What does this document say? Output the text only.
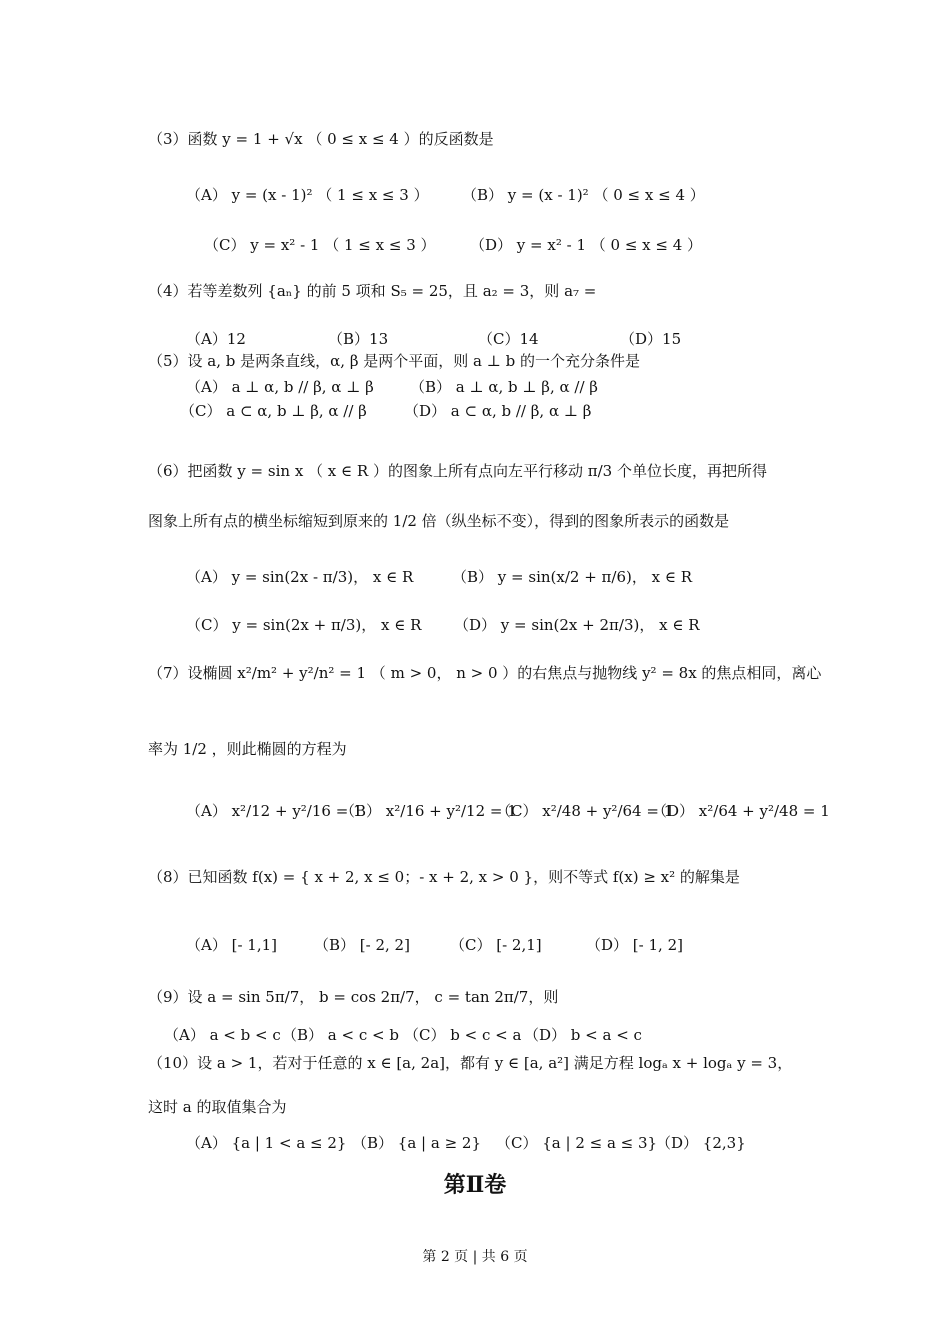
（3）函数 y = 1 + √x （ 0 ≤ x ≤ 4 ）的反函数是
（A） y = (x - 1)² （ 1 ≤ x ≤ 3 ） （B） y = (x - 1)² （ 0 ≤ x ≤ 4 ）
（C） y = x² - 1 （ 1 ≤ x ≤ 3 ） （D） y = x² - 1 （ 0 ≤ x ≤ 4 ）
（4）若等差数列 {aₙ} 的前 5 项和 S₅ = 25，且 a₂ = 3，则 a₇ =
（A）12	（B）13	（C）14	（D）15
（5）设 a, b 是两条直线，α, β 是两个平面，则 a ⊥ b 的一个充分条件是
（A） a ⊥ α, b // β, α ⊥ β （B） a ⊥ α, b ⊥ β, α // β
（C） a ⊂ α, b ⊥ β, α // β （D） a ⊂ α, b // β, α ⊥ β
（6）把函数 y = sin x （ x ∈ R ）的图象上所有点向左平行移动 π/3 个单位长度，再把所得
图象上所有点的横坐标缩短到原来的 1/2 倍（纵坐标不变），得到的图象所表示的函数是
（A） y = sin(2x - π/3)， x ∈ R	（B） y = sin(x/2 + π/6)， x ∈ R
（C） y = sin(2x + π/3)， x ∈ R （D） y = sin(2x + 2π/3)， x ∈ R
（7）设椭圆 x²/m² + y²/n² = 1 （ m > 0， n > 0 ）的右焦点与抛物线 y² = 8x 的焦点相同，离心
率为 1/2 ，则此椭圆的方程为
（A） x²/12 + y²/16 = 1
（B） x²/16 + y²/12 = 1
（C） x²/48 + y²/64 = 1
（D） x²/64 + y²/48 = 1
（8）已知函数 f(x) = { x + 2, x ≤ 0；- x + 2, x > 0 }，则不等式 f(x) ≥ x² 的解集是
（A） [- 1,1] （B） [- 2, 2]	（C） [- 2,1]	（D） [- 1, 2]
（9）设 a = sin 5π/7， b = cos 2π/7， c = tan 2π/7，则
（A） a < b < c （B） a < c < b （C） b < c < a （D） b < a < c
（10）设 a > 1，若对于任意的 x ∈ [a, 2a]，都有 y ∈ [a, a²] 满足方程 logₐ x + logₐ y = 3，
这时 a 的取值集合为
（A） {a | 1 < a ≤ 2} （B） {a | a ≥ 2} （C） {a | 2 ≤ a ≤ 3}
（D） {2,3}
第Ⅱ卷
第 2 页 | 共 6 页
